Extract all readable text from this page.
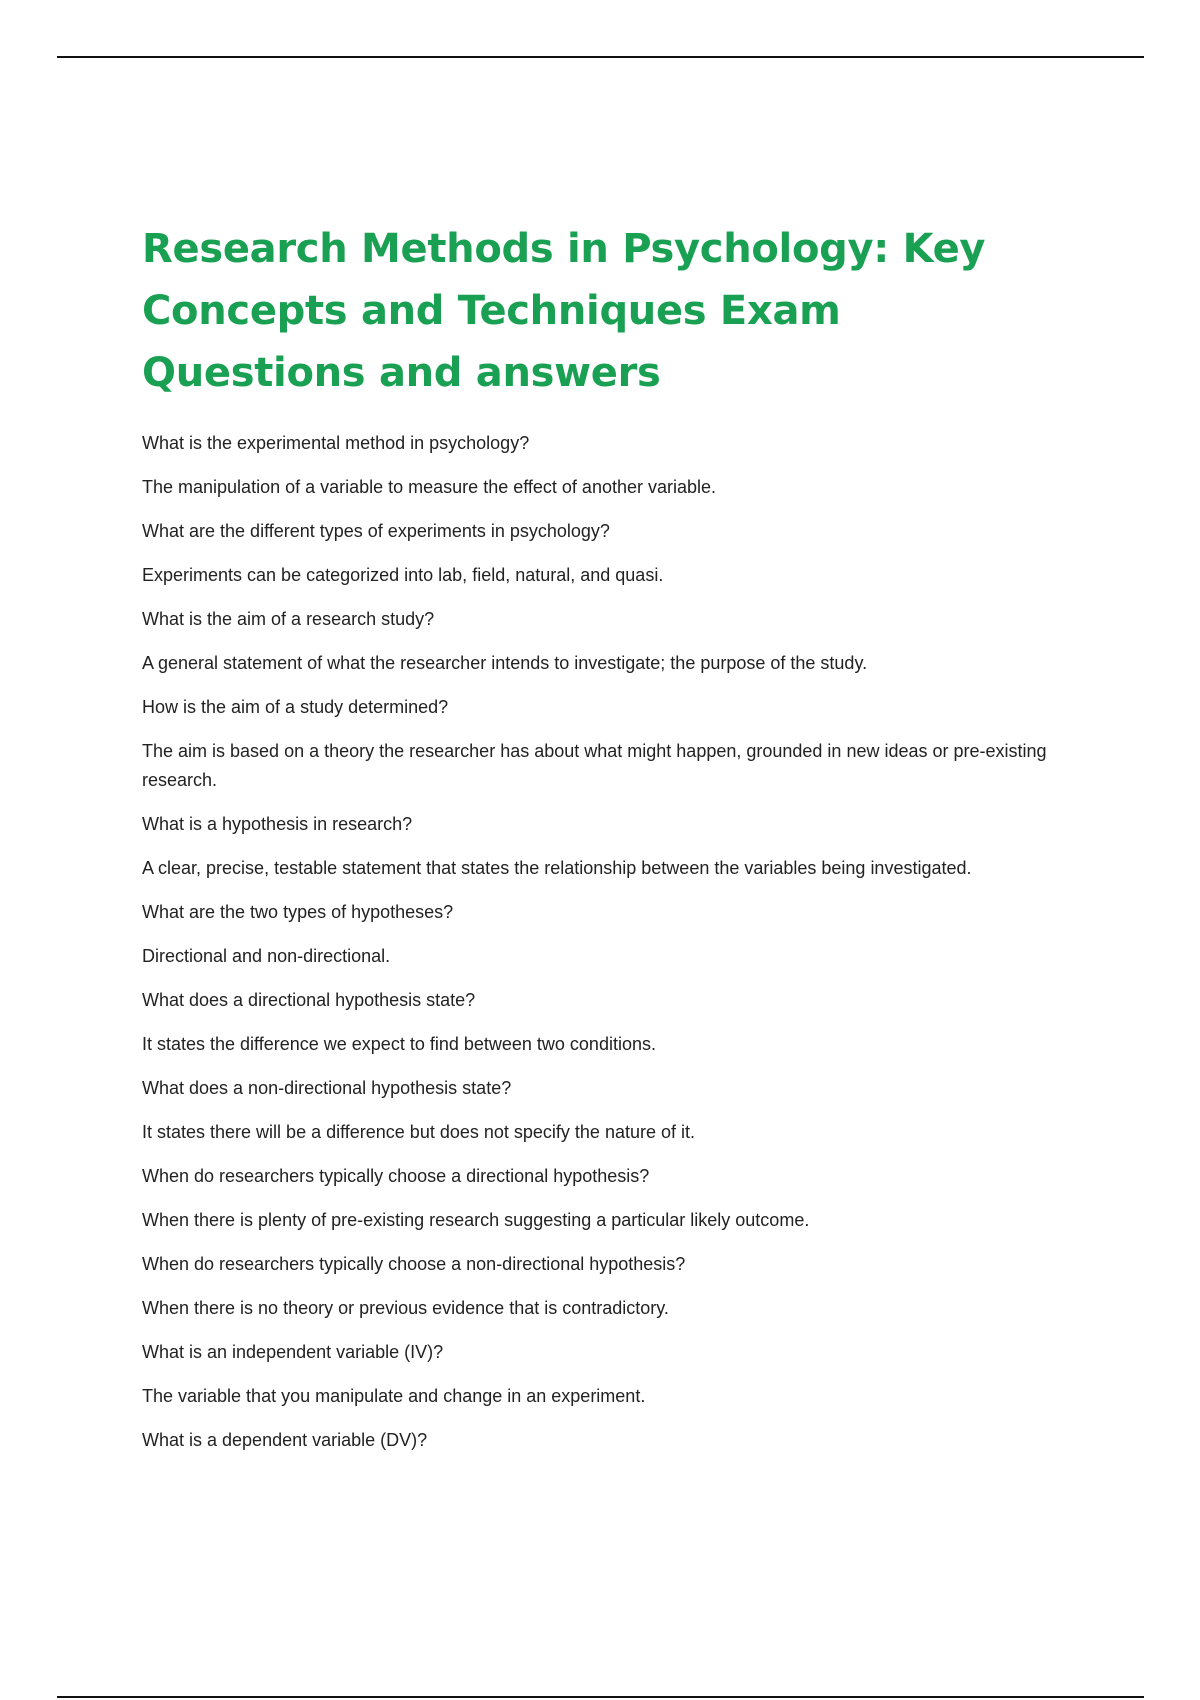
Research Methods in Psychology: Key Concepts and Techniques Exam Questions and answers

What is the experimental method in psychology?

The manipulation of a variable to measure the effect of another variable.

What are the different types of experiments in psychology?

Experiments can be categorized into lab, field, natural, and quasi.

What is the aim of a research study?

A general statement of what the researcher intends to investigate; the purpose of the study.

How is the aim of a study determined?

The aim is based on a theory the researcher has about what might happen, grounded in new ideas or pre-existing research.

What is a hypothesis in research?

A clear, precise, testable statement that states the relationship between the variables being investigated.

What are the two types of hypotheses?

Directional and non-directional.

What does a directional hypothesis state?

It states the difference we expect to find between two conditions.

What does a non-directional hypothesis state?

It states there will be a difference but does not specify the nature of it.

When do researchers typically choose a directional hypothesis?

When there is plenty of pre-existing research suggesting a particular likely outcome.

When do researchers typically choose a non-directional hypothesis?

When there is no theory or previous evidence that is contradictory.

What is an independent variable (IV)?

The variable that you manipulate and change in an experiment.

What is a dependent variable (DV)?
